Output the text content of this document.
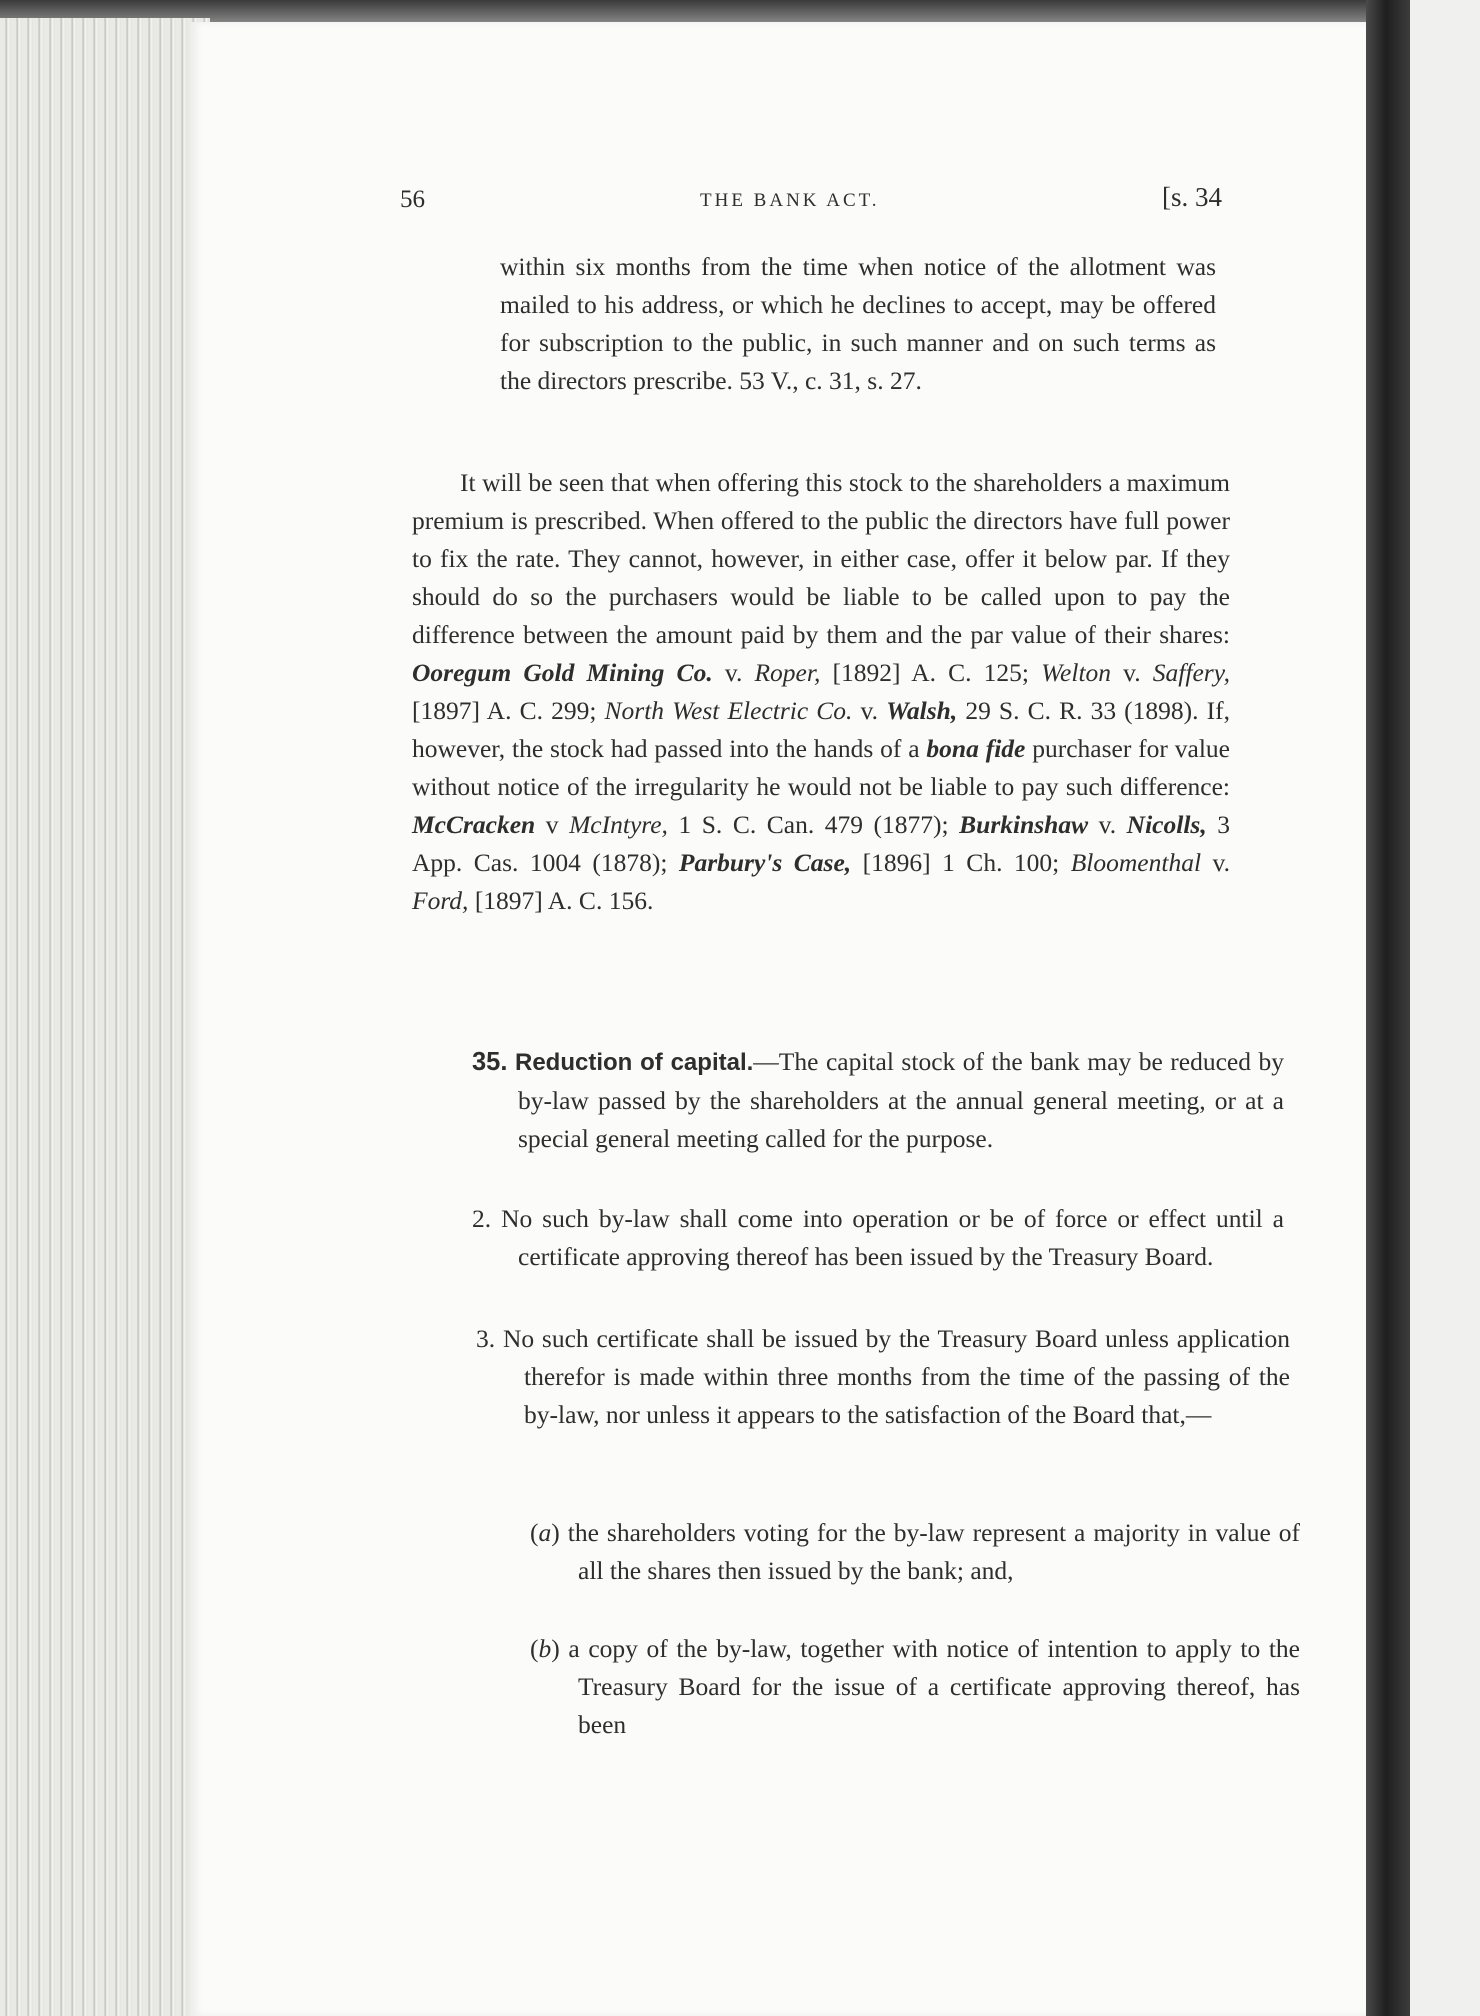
56	THE BANK ACT.	[s. 34

within six months from the time when notice of the allotment was mailed to his address, or which he declines to accept, may be offered for subscription to the public, in such manner and on such terms as the directors prescribe. 53 V., c. 31, s. 27.

It will be seen that when offering this stock to the shareholders a maximum premium is prescribed. When offered to the public the directors have full power to fix the rate. They cannot, however, in either case, offer it below par. If they should do so the purchasers would be liable to be called upon to pay the difference between the amount paid by them and the par value of their shares: Ooregum Gold Mining Co. v. Roper, [1892] A. C. 125; Welton v. Saffery, [1897] A. C. 299; North West Electric Co. v. Walsh, 29 S. C. R. 33 (1898). If, however, the stock had passed into the hands of a bona fide purchaser for value without notice of the irregularity he would not be liable to pay such difference: McCracken v McIntyre, 1 S. C. Can. 479 (1877); Burkinshaw v. Nicolls, 3 App. Cas. 1004 (1878); Parbury's Case, [1896] 1 Ch. 100; Bloomenthal v. Ford, [1897] A. C. 156.

35. Reduction of capital.—The capital stock of the bank may be reduced by by-law passed by the shareholders at the annual general meeting, or at a special general meeting called for the purpose.

2. No such by-law shall come into operation or be of force or effect until a certificate approving thereof has been issued by the Treasury Board.

3. No such certificate shall be issued by the Treasury Board unless application therefor is made within three months from the time of the passing of the by-law, nor unless it appears to the satisfaction of the Board that,—

(a) the shareholders voting for the by-law represent a majority in value of all the shares then issued by the bank; and,

(b) a copy of the by-law, together with notice of intention to apply to the Treasury Board for the issue of a certificate approving thereof, has been
